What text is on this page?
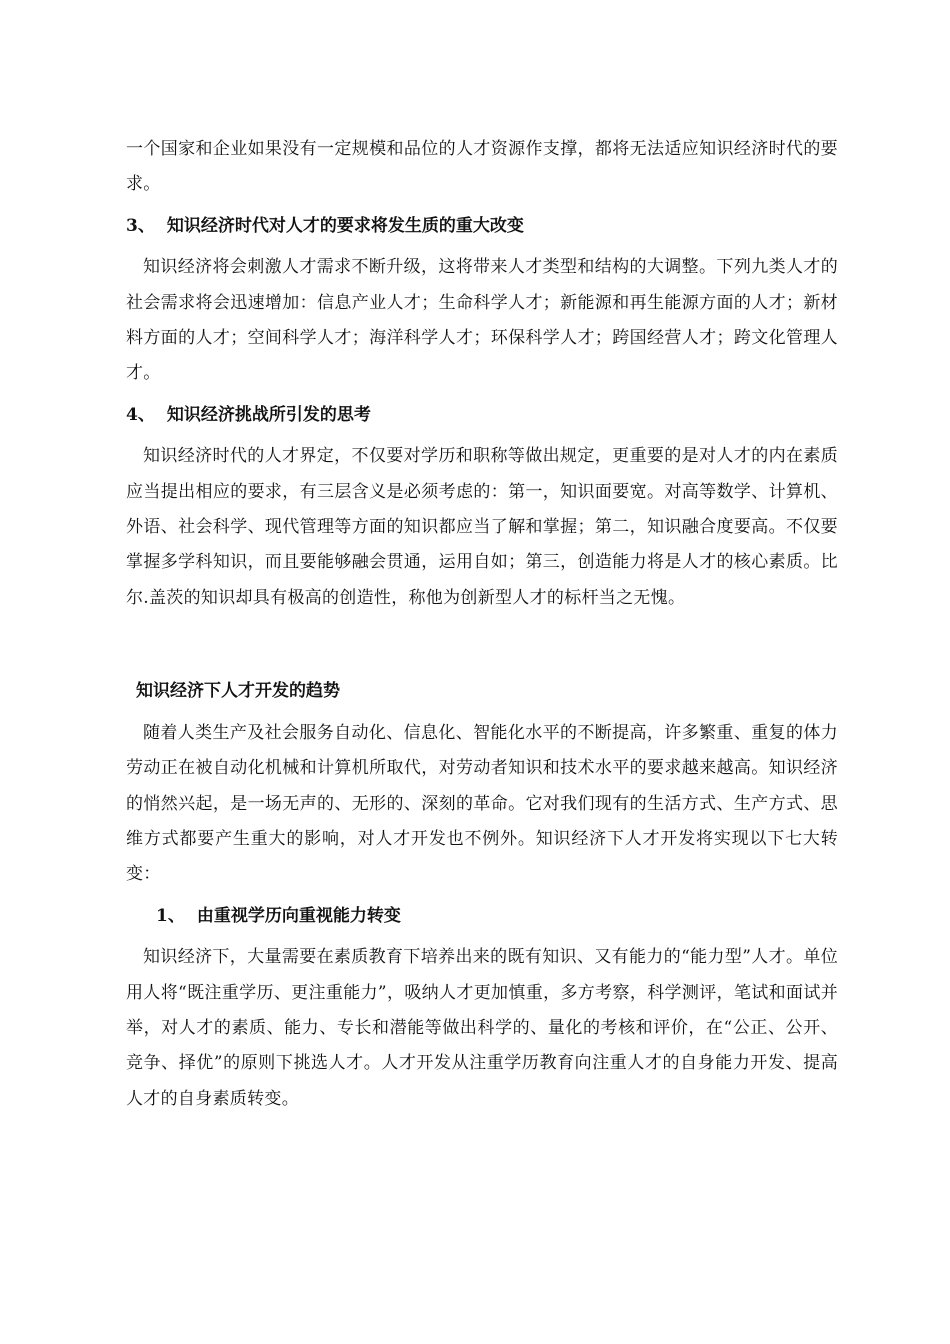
一个国家和企业如果没有一定规模和品位的人才资源作支撑，都将无法适应知识经济时代的要求。

3、 知识经济时代对人才的要求将发生质的重大改变

知识经济将会刺激人才需求不断升级，这将带来人才类型和结构的大调整。下列九类人才的社会需求将会迅速增加：信息产业人才；生命科学人才；新能源和再生能源方面的人才；新材料方面的人才；空间科学人才；海洋科学人才；环保科学人才；跨国经营人才；跨文化管理人才。

4、 知识经济挑战所引发的思考

知识经济时代的人才界定，不仅要对学历和职称等做出规定，更重要的是对人才的内在素质应当提出相应的要求，有三层含义是必须考虑的：第一，知识面要宽。对高等数学、计算机、外语、社会科学、现代管理等方面的知识都应当了解和掌握；第二，知识融合度要高。不仅要掌握多学科知识，而且要能够融会贯通，运用自如；第三，创造能力将是人才的核心素质。比尔.盖茨的知识却具有极高的创造性，称他为创新型人才的标杆当之无愧。

知识经济下人才开发的趋势

随着人类生产及社会服务自动化、信息化、智能化水平的不断提高，许多繁重、重复的体力劳动正在被自动化机械和计算机所取代，对劳动者知识和技术水平的要求越来越高。知识经济的悄然兴起，是一场无声的、无形的、深刻的革命。它对我们现有的生活方式、生产方式、思维方式都要产生重大的影响，对人才开发也不例外。知识经济下人才开发将实现以下七大转变：

1、 由重视学历向重视能力转变

知识经济下，大量需要在素质教育下培养出来的既有知识、又有能力的“能力型”人才。单位用人将“既注重学历、更注重能力”，吸纳人才更加慎重，多方考察，科学测评，笔试和面试并举，对人才的素质、能力、专长和潜能等做出科学的、量化的考核和评价，在“公正、公开、竞争、择优”的原则下挑选人才。人才开发从注重学历教育向注重人才的自身能力开发、提高人才的自身素质转变。
